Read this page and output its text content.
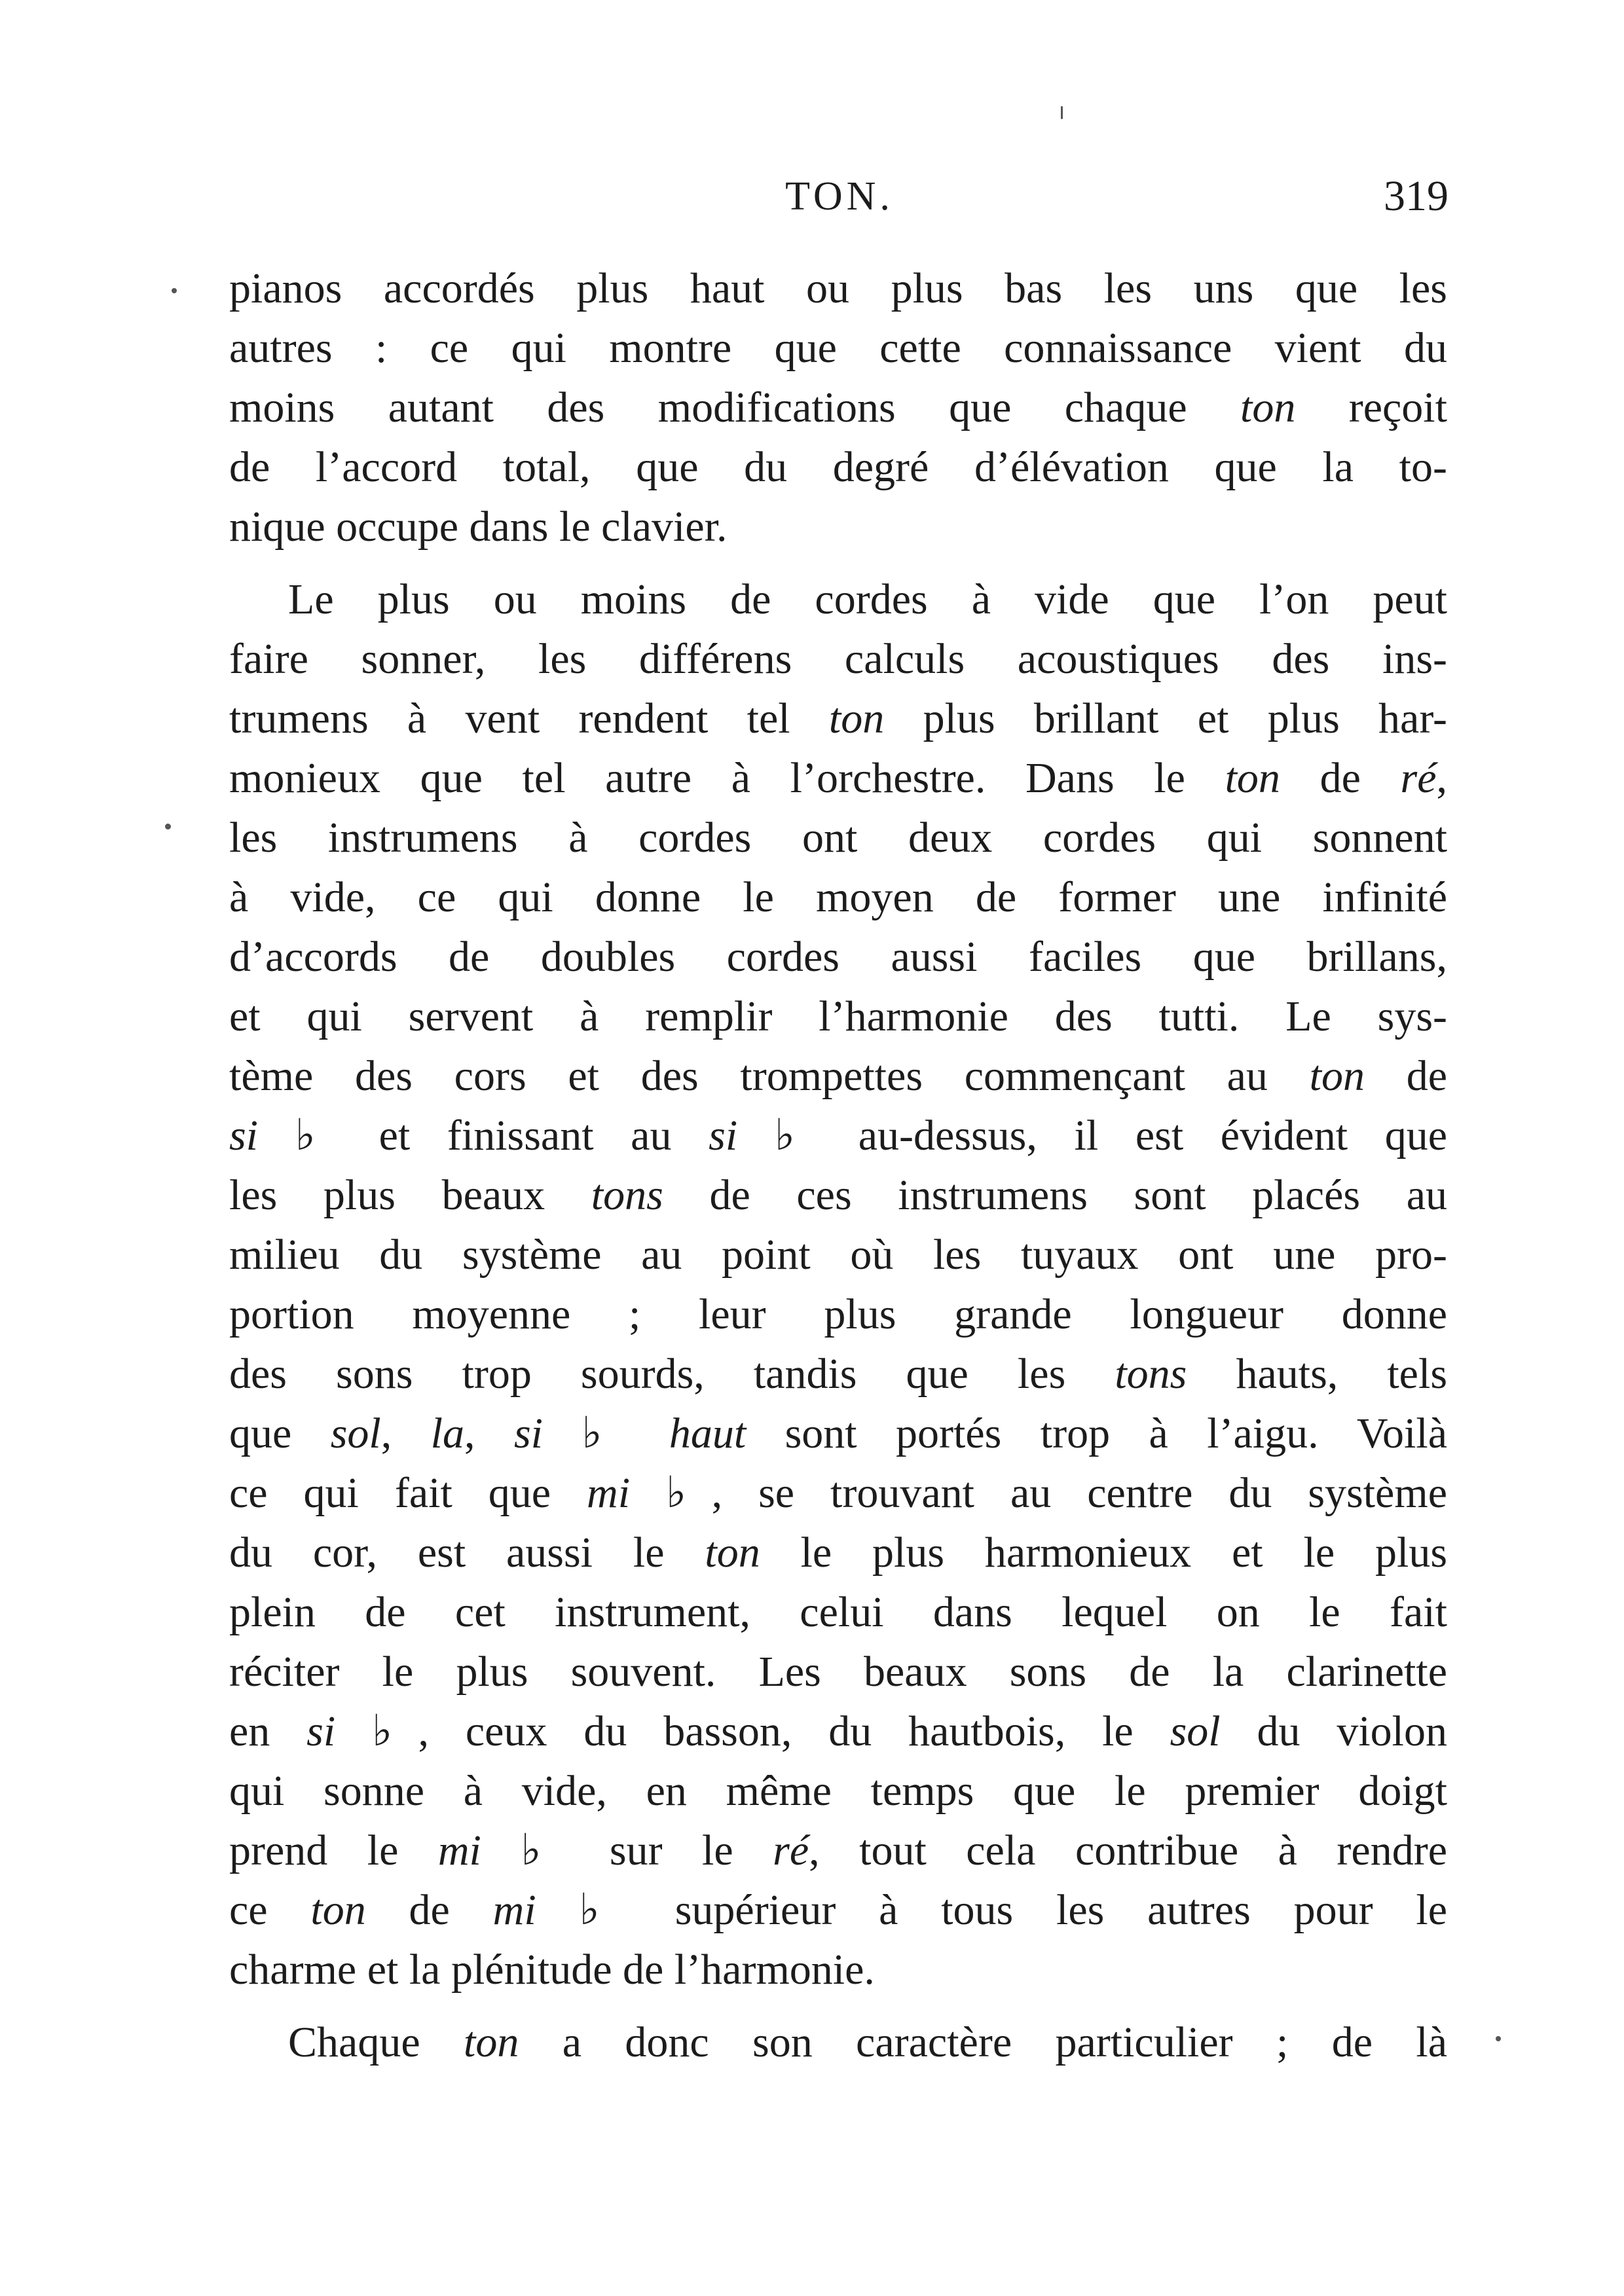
TON.	319
pianos accordés plus haut ou plus bas les uns que les
autres : ce qui montre que cette connaissance vient du
moins autant des modifications que chaque ton reçoit
de l’accord total, que du degré d’élévation que la to-
nique occupe dans le clavier.
Le plus ou moins de cordes à vide que l’on peut
faire sonner, les différens calculs acoustiques des ins-
trumens à vent rendent tel ton plus brillant et plus har-
monieux que tel autre à l’orchestre. Dans le ton de ré,
les instrumens à cordes ont deux cordes qui sonnent
à vide, ce qui donne le moyen de former une infinité
d’accords de doubles cordes aussi faciles que brillans,
et qui servent à remplir l’harmonie des tutti. Le sys-
tème des cors et des trompettes commençant au ton de
si ♭ et finissant au si ♭ au-dessus, il est évident que
les plus beaux tons de ces instrumens sont placés au
milieu du système au point où les tuyaux ont une pro-
portion moyenne ; leur plus grande longueur donne
des sons trop sourds, tandis que les tons hauts, tels
que sol, la, si ♭ haut sont portés trop à l’aigu. Voilà
ce qui fait que mi ♭, se trouvant au centre du système
du cor, est aussi le ton le plus harmonieux et le plus
plein de cet instrument, celui dans lequel on le fait
réciter le plus souvent. Les beaux sons de la clarinette
en si ♭, ceux du basson, du hautbois, le sol du violon
qui sonne à vide, en même temps que le premier doigt
prend le mi ♭ sur le ré, tout cela contribue à rendre
ce ton de mi ♭ supérieur à tous les autres pour le
charme et la plénitude de l’harmonie.
Chaque ton a donc son caractère particulier ; de là
